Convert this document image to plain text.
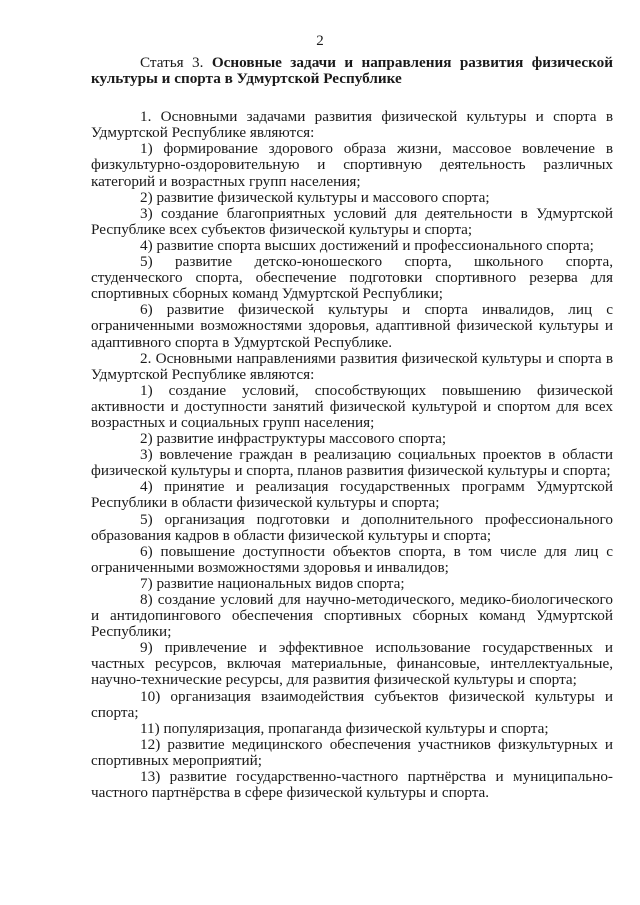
2
Статья 3. Основные задачи и направления развития физической культуры и спорта в Удмуртской Республике

1. Основными задачами развития физической культуры и спорта в Удмуртской Республике являются:

1) формирование здорового образа жизни, массовое вовлечение в физкультурно-оздоровительную и спортивную деятельность различных категорий и возрастных групп населения;

2) развитие физической культуры и массового спорта;

3) создание благоприятных условий для деятельности в Удмуртской Республике всех субъектов физической культуры и спорта;

4) развитие спорта высших достижений и профессионального спорта;

5) развитие детско-юношеского спорта, школьного спорта, студенческого спорта, обеспечение подготовки спортивного резерва для спортивных сборных команд Удмуртской Республики;

6) развитие физической культуры и спорта инвалидов, лиц с ограниченными возможностями здоровья, адаптивной физической культуры и адаптивного спорта в Удмуртской Республике.

2. Основными направлениями развития физической культуры и спорта в Удмуртской Республике являются:

1) создание условий, способствующих повышению физической активности и доступности занятий физической культурой и спортом для всех возрастных и социальных групп населения;

2) развитие инфраструктуры массового спорта;

3) вовлечение граждан в реализацию социальных проектов в области физической культуры и спорта, планов развития физической культуры и спорта;

4) принятие и реализация государственных программ Удмуртской Республики в области физической культуры и спорта;

5) организация подготовки и дополнительного профессионального образования кадров в области физической культуры и спорта;

6) повышение доступности объектов спорта, в том числе для лиц с ограниченными возможностями здоровья и инвалидов;

7) развитие национальных видов спорта;

8) создание условий для научно-методического, медико-биологического и антидопингового обеспечения спортивных сборных команд Удмуртской Республики;

9) привлечение и эффективное использование государственных и частных ресурсов, включая материальные, финансовые, интеллектуальные, научно-технические ресурсы, для развития физической культуры и спорта;

10) организация взаимодействия субъектов физической культуры и спорта;

11) популяризация, пропаганда физической культуры и спорта;

12) развитие медицинского обеспечения участников физкультурных и спортивных мероприятий;

13) развитие государственно-частного партнёрства и муниципально-частного партнёрства в сфере физической культуры и спорта.
